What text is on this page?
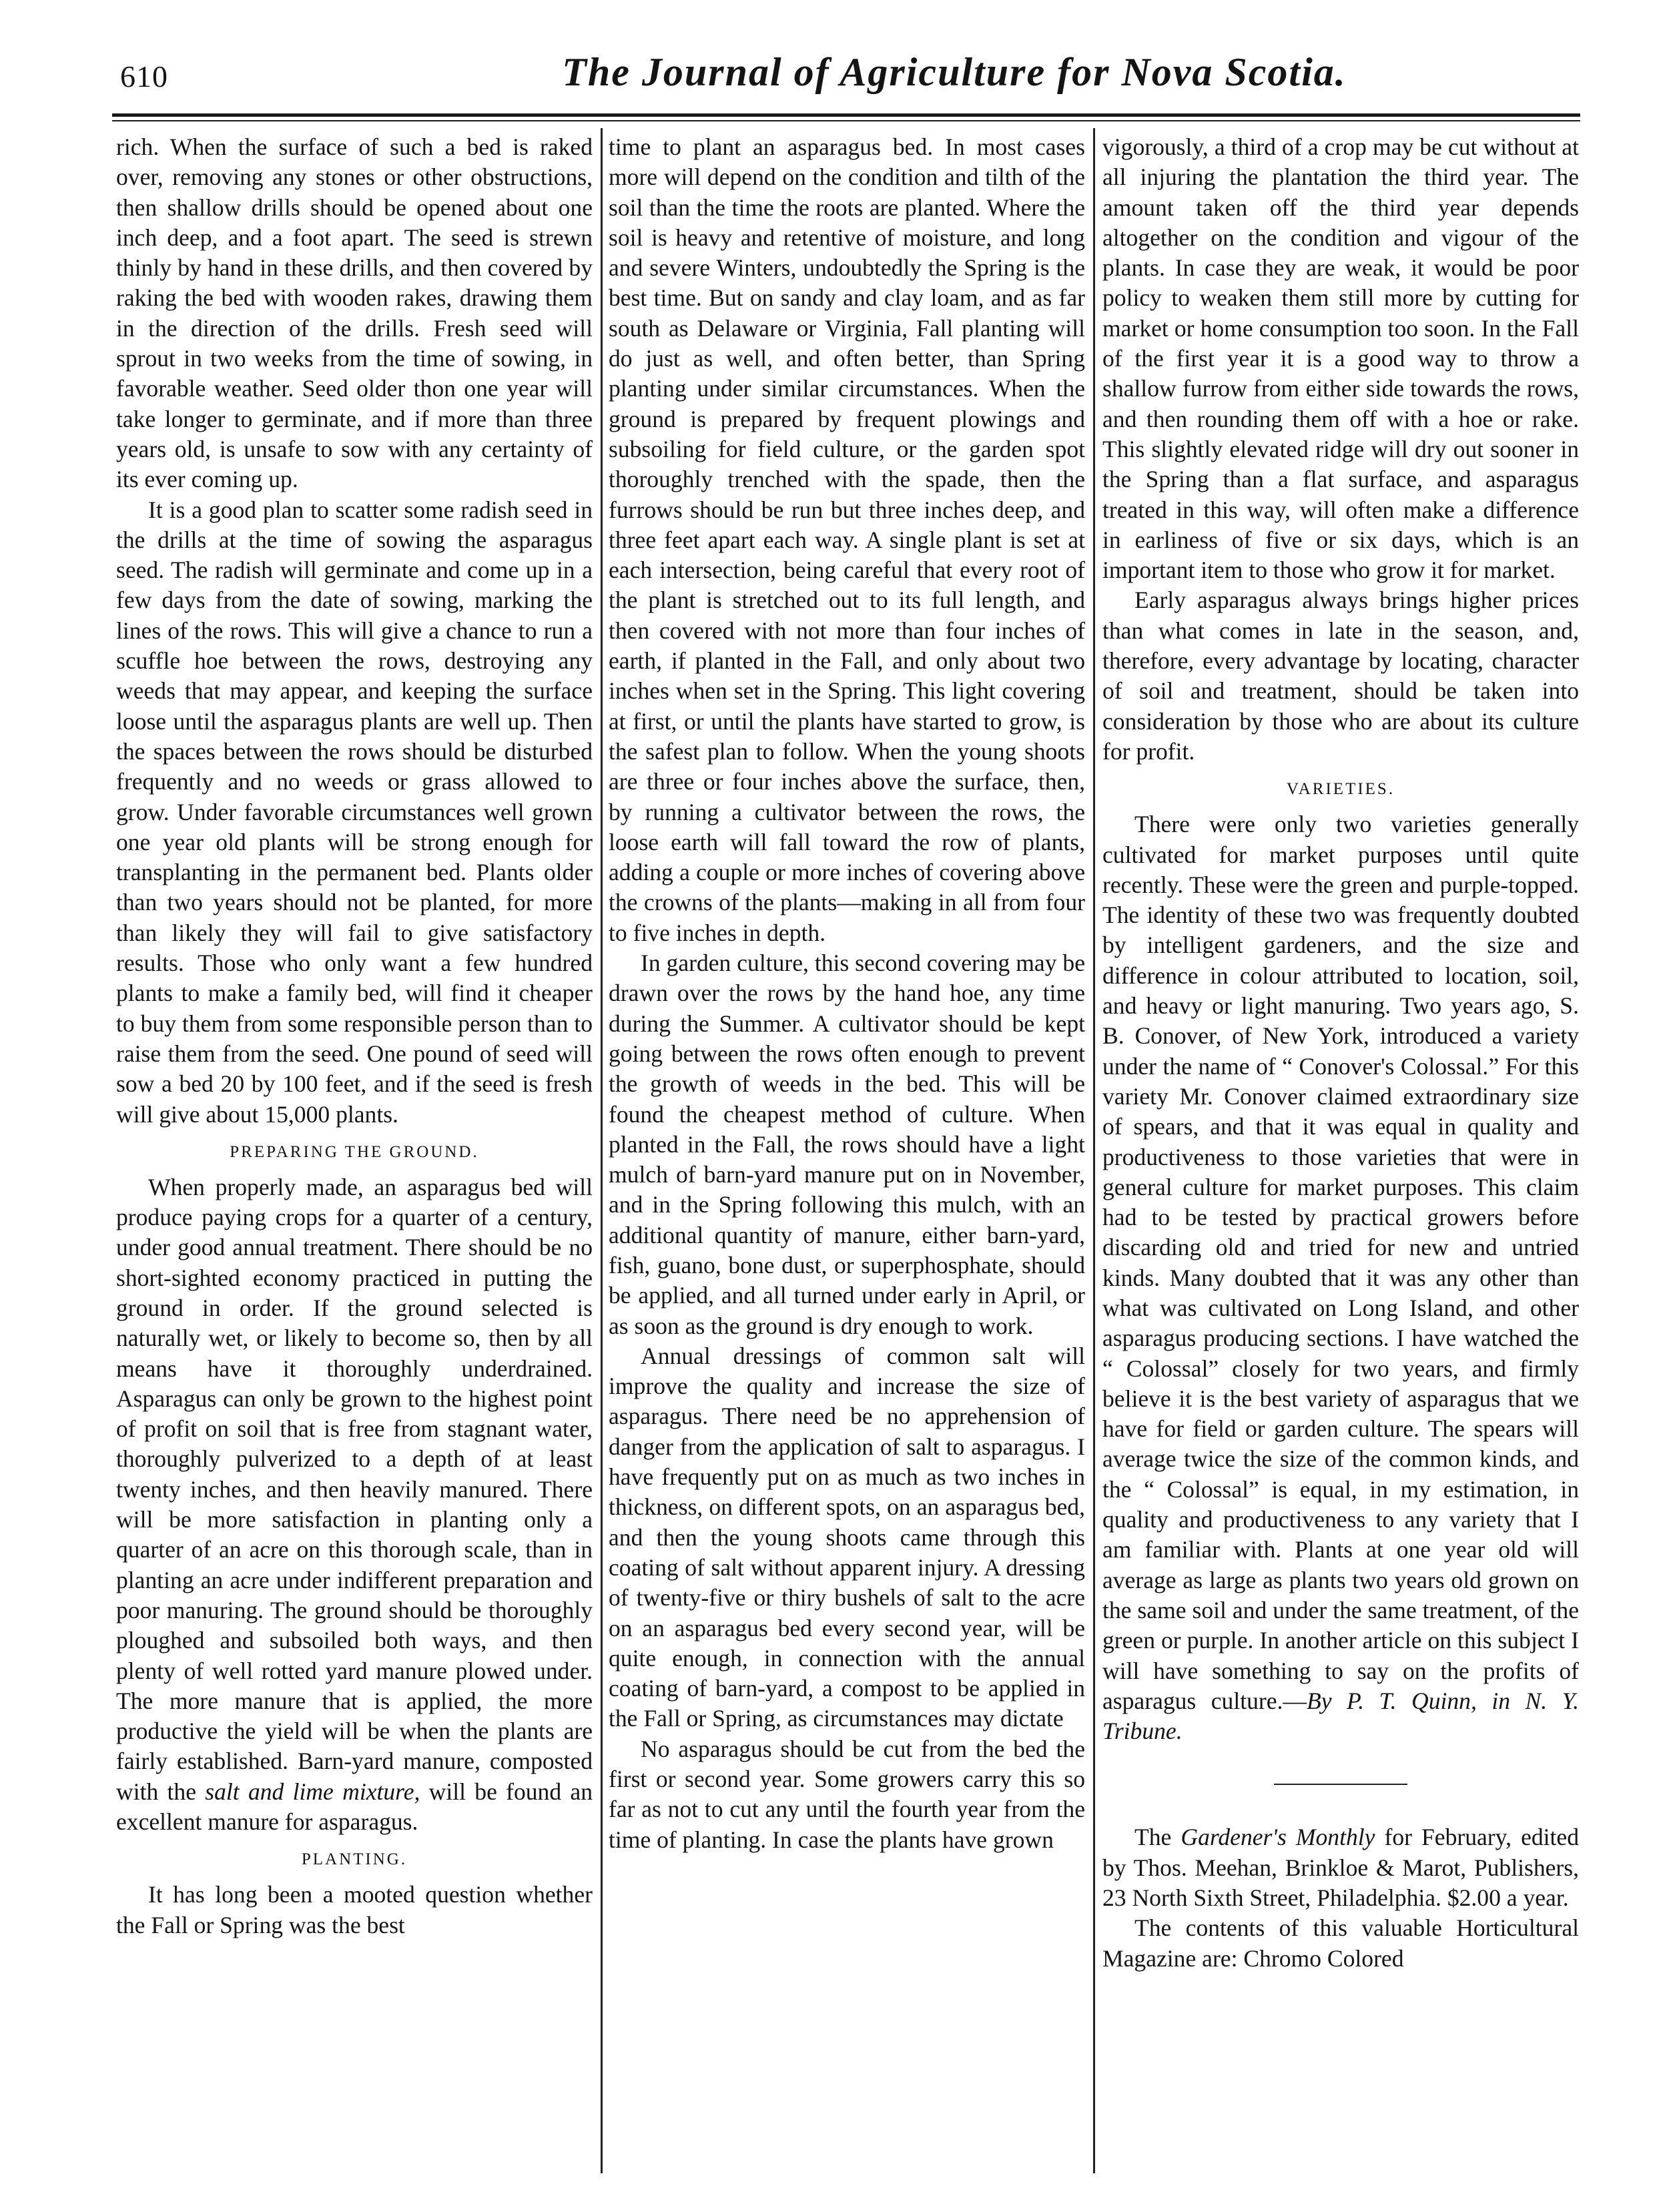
610	The Journal of Agriculture for Nova Scotia.

rich. When the surface of such a bed is raked over, removing any stones or other obstructions, then shallow drills should be opened about one inch deep, and a foot apart. The seed is strewn thinly by hand in these drills, and then covered by raking the bed with wooden rakes, drawing them in the direction of the drills. Fresh seed will sprout in two weeks from the time of sowing, in favorable weather. Seed older thon one year will take longer to germinate, and if more than three years old, is unsafe to sow with any certainty of its ever coming up.

It is a good plan to scatter some radish seed in the drills at the time of sowing the asparagus seed. The radish will germinate and come up in a few days from the date of sowing, marking the lines of the rows. This will give a chance to run a scuffle hoe between the rows, destroying any weeds that may appear, and keeping the surface loose until the asparagus plants are well up. Then the spaces between the rows should be disturbed frequently and no weeds or grass allowed to grow. Under favorable circumstances well grown one year old plants will be strong enough for transplanting in the permanent bed. Plants older than two years should not be planted, for more than likely they will fail to give satisfactory results. Those who only want a few hundred plants to make a family bed, will find it cheaper to buy them from some responsible person than to raise them from the seed. One pound of seed will sow a bed 20 by 100 feet, and if the seed is fresh will give about 15,000 plants.

PREPARING THE GROUND.

When properly made, an asparagus bed will produce paying crops for a quarter of a century, under good annual treatment. There should be no short-sighted economy practiced in putting the ground in order. If the ground selected is naturally wet, or likely to become so, then by all means have it thoroughly underdrained. Asparagus can only be grown to the highest point of profit on soil that is free from stagnant water, thoroughly pulverized to a depth of at least twenty inches, and then heavily manured. There will be more satisfaction in planting only a quarter of an acre on this thorough scale, than in planting an acre under indifferent preparation and poor manuring. The ground should be thoroughly ploughed and subsoiled both ways, and then plenty of well rotted yard manure plowed under. The more manure that is applied, the more productive the yield will be when the plants are fairly established. Barn-yard manure, composted with the salt and lime mixture, will be found an excellent manure for asparagus.

PLANTING.

It has long been a mooted question whether the Fall or Spring was the best

time to plant an asparagus bed. In most cases more will depend on the condition and tilth of the soil than the time the roots are planted. Where the soil is heavy and retentive of moisture, and long and severe Winters, undoubtedly the Spring is the best time. But on sandy and clay loam, and as far south as Delaware or Virginia, Fall planting will do just as well, and often better, than Spring planting under similar circumstances. When the ground is prepared by frequent plowings and subsoiling for field culture, or the garden spot thoroughly trenched with the spade, then the furrows should be run but three inches deep, and three feet apart each way. A single plant is set at each intersection, being careful that every root of the plant is stretched out to its full length, and then covered with not more than four inches of earth, if planted in the Fall, and only about two inches when set in the Spring. This light covering at first, or until the plants have started to grow, is the safest plan to follow. When the young shoots are three or four inches above the surface, then, by running a cultivator between the rows, the loose earth will fall toward the row of plants, adding a couple or more inches of covering above the crowns of the plants—making in all from four to five inches in depth.

In garden culture, this second covering may be drawn over the rows by the hand hoe, any time during the Summer. A cultivator should be kept going between the rows often enough to prevent the growth of weeds in the bed. This will be found the cheapest method of culture. When planted in the Fall, the rows should have a light mulch of barn-yard manure put on in November, and in the Spring following this mulch, with an additional quantity of manure, either barn-yard, fish, guano, bone dust, or superphosphate, should be applied, and all turned under early in April, or as soon as the ground is dry enough to work.

Annual dressings of common salt will improve the quality and increase the size of asparagus. There need be no apprehension of danger from the application of salt to asparagus. I have frequently put on as much as two inches in thickness, on different spots, on an asparagus bed, and then the young shoots came through this coating of salt without apparent injury. A dressing of twenty-five or thiry bushels of salt to the acre on an asparagus bed every second year, will be quite enough, in connection with the annual coating of barn-yard, a compost to be applied in the Fall or Spring, as circumstances may dictate

No asparagus should be cut from the bed the first or second year. Some growers carry this so far as not to cut any until the fourth year from the time of planting. In case the plants have grown

vigorously, a third of a crop may be cut without at all injuring the plantation the third year. The amount taken off the third year depends altogether on the condition and vigour of the plants. In case they are weak, it would be poor policy to weaken them still more by cutting for market or home consumption too soon. In the Fall of the first year it is a good way to throw a shallow furrow from either side towards the rows, and then rounding them off with a hoe or rake. This slightly elevated ridge will dry out sooner in the Spring than a flat surface, and asparagus treated in this way, will often make a difference in earliness of five or six days, which is an important item to those who grow it for market.

Early asparagus always brings higher prices than what comes in late in the season, and, therefore, every advantage by locating, character of soil and treatment, should be taken into consideration by those who are about its culture for profit.

VARIETIES.

There were only two varieties generally cultivated for market purposes until quite recently. These were the green and purple-topped. The identity of these two was frequently doubted by intelligent gardeners, and the size and difference in colour attributed to location, soil, and heavy or light manuring. Two years ago, S. B. Conover, of New York, introduced a variety under the name of “ Conover's Colossal.” For this variety Mr. Conover claimed extraordinary size of spears, and that it was equal in quality and productiveness to those varieties that were in general culture for market purposes. This claim had to be tested by practical growers before discarding old and tried for new and untried kinds. Many doubted that it was any other than what was cultivated on Long Island, and other asparagus producing sections. I have watched the “ Colossal” closely for two years, and firmly believe it is the best variety of asparagus that we have for field or garden culture. The spears will average twice the size of the common kinds, and the “ Colossal” is equal, in my estimation, in quality and productiveness to any variety that I am familiar with. Plants at one year old will average as large as plants two years old grown on the same soil and under the same treatment, of the green or purple. In another article on this subject I will have something to say on the profits of asparagus culture.—By P. T. Quinn, in N. Y. Tribune.

The Gardener's Monthly for February, edited by Thos. Meehan, Brinkloe & Marot, Publishers, 23 North Sixth Street, Philadelphia. $2.00 a year.

The contents of this valuable Horticultural Magazine are: Chromo Colored
